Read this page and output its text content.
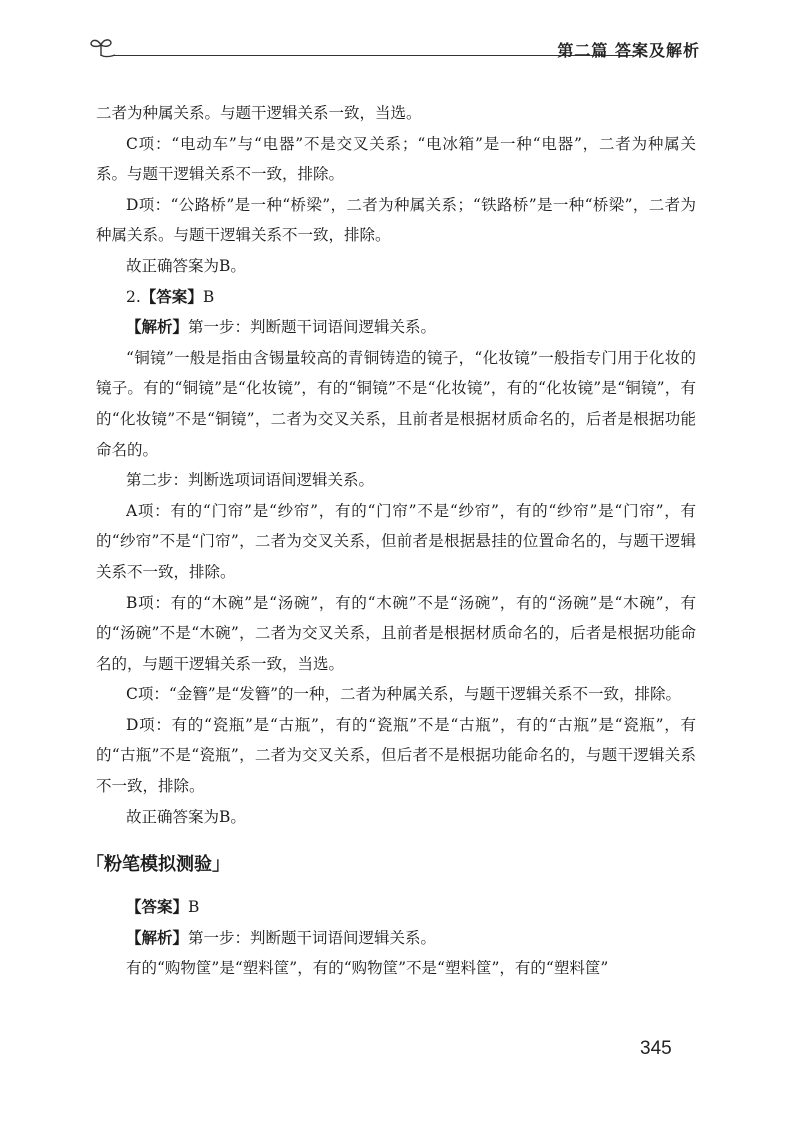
第二篇 答案及解析

二者为种属关系。与题干逻辑关系一致，当选。

C项：“电动车”与“电器”不是交叉关系；“电冰箱”是一种“电器”，二者为种属关系。与题干逻辑关系不一致，排除。

D项：“公路桥”是一种“桥梁”，二者为种属关系；“铁路桥”是一种“桥梁”，二者为种属关系。与题干逻辑关系不一致，排除。

故正确答案为B。

2.【答案】B

【解析】第一步：判断题干词语间逻辑关系。

“铜镜”一般是指由含锡量较高的青铜铸造的镜子，“化妆镜”一般指专门用于化妆的镜子。有的“铜镜”是“化妆镜”，有的“铜镜”不是“化妆镜”，有的“化妆镜”是“铜镜”，有的“化妆镜”不是“铜镜”，二者为交叉关系，且前者是根据材质命名的，后者是根据功能命名的。

第二步：判断选项词语间逻辑关系。

A项：有的“门帘”是“纱帘”，有的“门帘”不是“纱帘”，有的“纱帘”是“门帘”，有的“纱帘”不是“门帘”，二者为交叉关系，但前者是根据悬挂的位置命名的，与题干逻辑关系不一致，排除。

B项：有的“木碗”是“汤碗”，有的“木碗”不是“汤碗”，有的“汤碗”是“木碗”，有的“汤碗”不是“木碗”，二者为交叉关系，且前者是根据材质命名的，后者是根据功能命名的，与题干逻辑关系一致，当选。

C项：“金簪”是“发簪”的一种，二者为种属关系，与题干逻辑关系不一致，排除。

D项：有的“瓷瓶”是“古瓶”，有的“瓷瓶”不是“古瓶”，有的“古瓶”是“瓷瓶”，有的“古瓶”不是“瓷瓶”，二者为交叉关系，但后者不是根据功能命名的，与题干逻辑关系不一致，排除。

故正确答案为B。

「粉笔模拟测验」

【答案】B

【解析】第一步：判断题干词语间逻辑关系。

有的“购物筐”是“塑料筐”，有的“购物筐”不是“塑料筐”，有的“塑料筐”

345
